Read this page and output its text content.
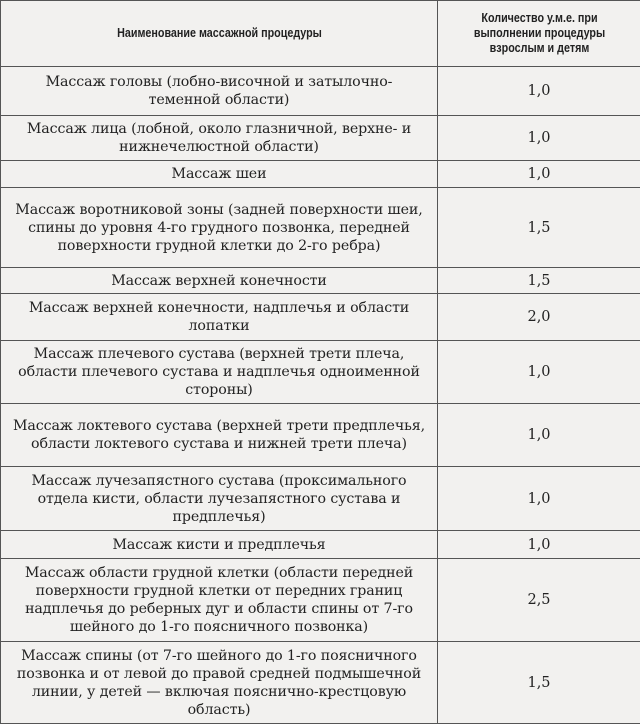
Наименование массажной процедуры	Количество у.м.е. при выполнении процедуры взрослым и детям
Массаж головы (лобно-височной и затылочно-теменной области)	1,0
Массаж лица (лобной, около глазничной, верхне- и нижнечелюстной области)	1,0
Массаж шеи	1,0
Массаж воротниковой зоны (задней поверхности шеи, спины до уровня 4-го грудного позвонка, передней поверхности грудной клетки до 2-го ребра)	1,5
Массаж верхней конечности	1,5
Массаж верхней конечности, надплечья и области лопатки	2,0
Массаж плечевого сустава (верхней трети плеча, области плечевого сустава и надплечья одноименной стороны)	1,0
Массаж локтевого сустава (верхней трети предплечья, области локтевого сустава и нижней трети плеча)	1,0
Массаж лучезапястного сустава (проксимального отдела кисти, области лучезапястного сустава и предплечья)	1,0
Массаж кисти и предплечья	1,0
Массаж области грудной клетки (области передней поверхности грудной клетки от передних границ надплечья до реберных дуг и области спины от 7-го шейного до 1-го поясничного позвонка)	2,5
Массаж спины (от 7-го шейного до 1-го поясничного позвонка и от левой до правой средней подмышечной линии, у детей — включая пояснично-крестцовую область)	1,5
